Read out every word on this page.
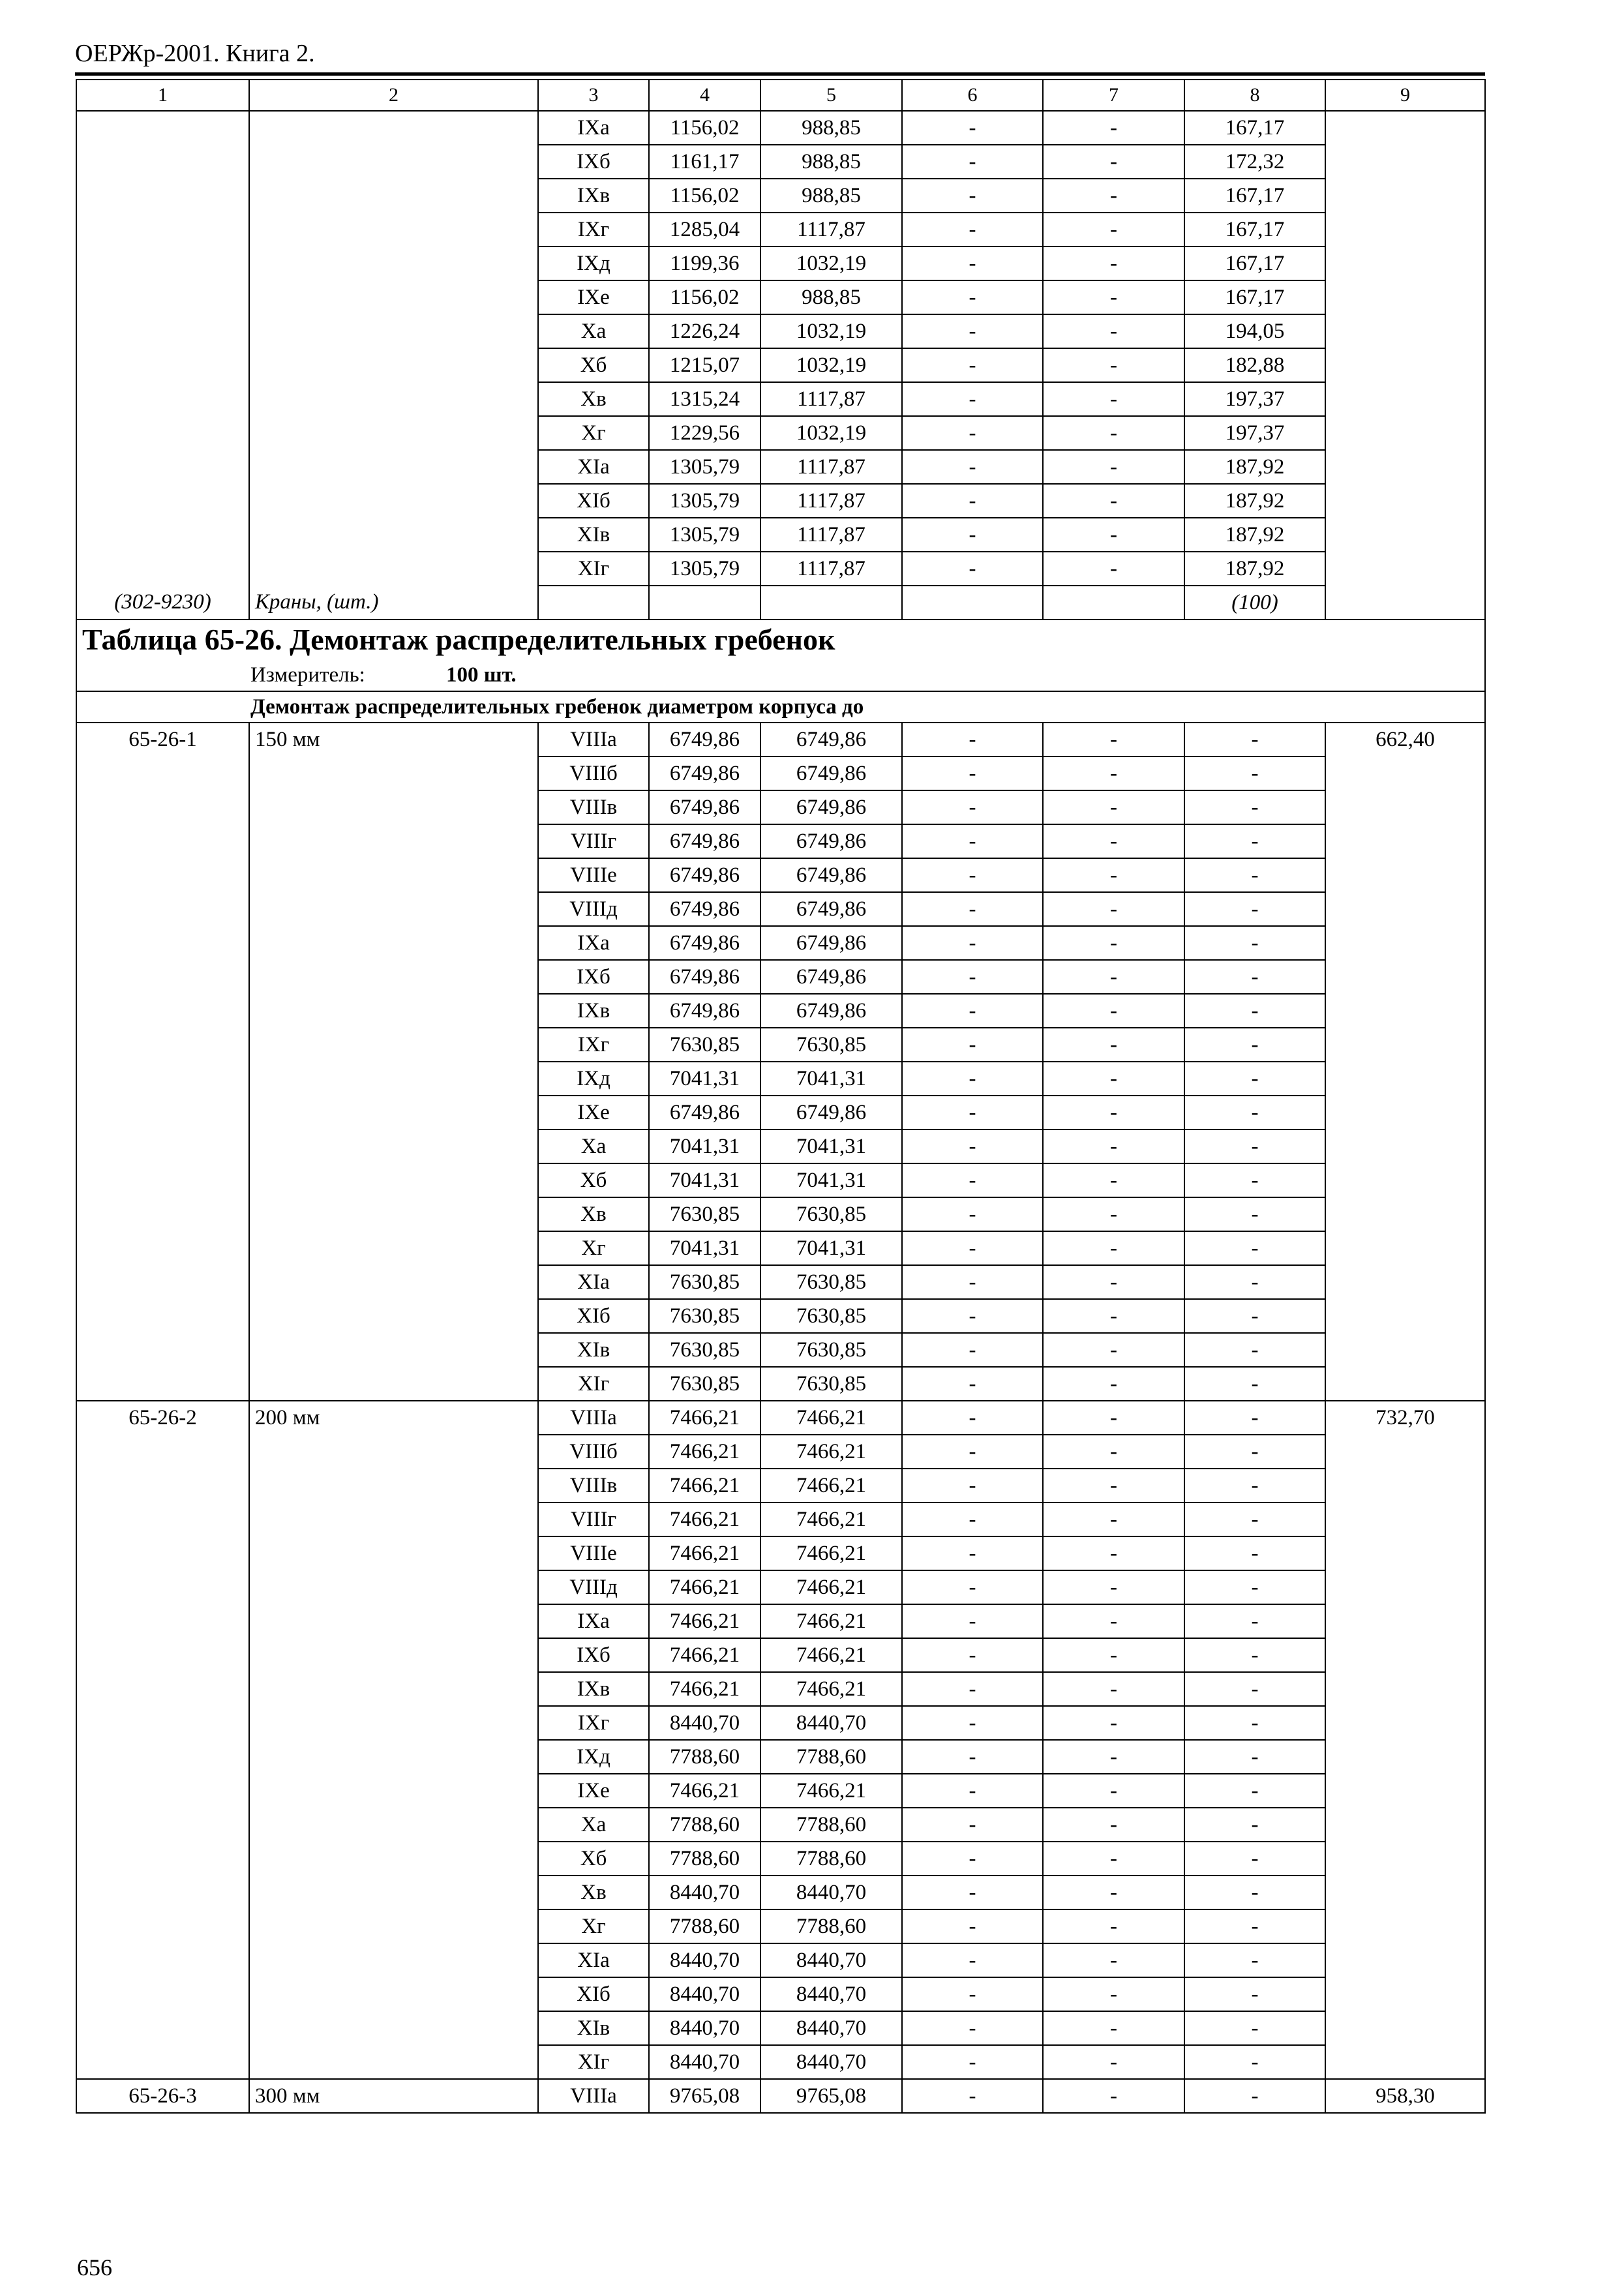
ОЕРЖр-2001. Книга 2.
1	2	3	4	5	6	7	8	9
		IXа	1156,02	988,85	-	-	167,17	
		IXб	1161,17	988,85	-	-	172,32	
		IXв	1156,02	988,85	-	-	167,17	
		IXг	1285,04	1117,87	-	-	167,17	
		IXд	1199,36	1032,19	-	-	167,17	
		IXе	1156,02	988,85	-	-	167,17	
		Xа	1226,24	1032,19	-	-	194,05	
		Xб	1215,07	1032,19	-	-	182,88	
		Xв	1315,24	1117,87	-	-	197,37	
		Xг	1229,56	1032,19	-	-	197,37	
		XIа	1305,79	1117,87	-	-	187,92	
		XIб	1305,79	1117,87	-	-	187,92	
		XIв	1305,79	1117,87	-	-	187,92	
		XIг	1305,79	1117,87	-	-	187,92	
(302-9230)	Краны, (шт.)						(100)	

Таблица 65-26. Демонтаж распределительных гребенок
Измеритель: 100 шт.								

Демонтаж распределительных гребенок диаметром корпуса до								

65-26-1	150 мм	VIIIа	6749,86	6749,86	-	-	-	662,40
		VIIIб	6749,86	6749,86	-	-	-	
		VIIIв	6749,86	6749,86	-	-	-	
		VIIIг	6749,86	6749,86	-	-	-	
		VIIIе	6749,86	6749,86	-	-	-	
		VIIIд	6749,86	6749,86	-	-	-	
		IXа	6749,86	6749,86	-	-	-	
		IXб	6749,86	6749,86	-	-	-	
		IXв	6749,86	6749,86	-	-	-	
		IXг	7630,85	7630,85	-	-	-	
		IXд	7041,31	7041,31	-	-	-	
		IXе	6749,86	6749,86	-	-	-	
		Xа	7041,31	7041,31	-	-	-	
		Xб	7041,31	7041,31	-	-	-	
		Xв	7630,85	7630,85	-	-	-	
		Xг	7041,31	7041,31	-	-	-	
		XIа	7630,85	7630,85	-	-	-	
		XIб	7630,85	7630,85	-	-	-	
		XIв	7630,85	7630,85	-	-	-	
		XIг	7630,85	7630,85	-	-	-	
65-26-2	200 мм	VIIIа	7466,21	7466,21	-	-	-	732,70
		VIIIб	7466,21	7466,21	-	-	-	
		VIIIв	7466,21	7466,21	-	-	-	
		VIIIг	7466,21	7466,21	-	-	-	
		VIIIе	7466,21	7466,21	-	-	-	
		VIIIд	7466,21	7466,21	-	-	-	
		IXа	7466,21	7466,21	-	-	-	
		IXб	7466,21	7466,21	-	-	-	
		IXв	7466,21	7466,21	-	-	-	
		IXг	8440,70	8440,70	-	-	-	
		IXд	7788,60	7788,60	-	-	-	
		IXе	7466,21	7466,21	-	-	-	
		Xа	7788,60	7788,60	-	-	-	
		Xб	7788,60	7788,60	-	-	-	
		Xв	8440,70	8440,70	-	-	-	
		Xг	7788,60	7788,60	-	-	-	
		XIа	8440,70	8440,70	-	-	-	
		XIб	8440,70	8440,70	-	-	-	
		XIв	8440,70	8440,70	-	-	-	
		XIг	8440,70	8440,70	-	-	-	
65-26-3	300 мм	VIIIа	9765,08	9765,08	-	-	-	958,30
656
